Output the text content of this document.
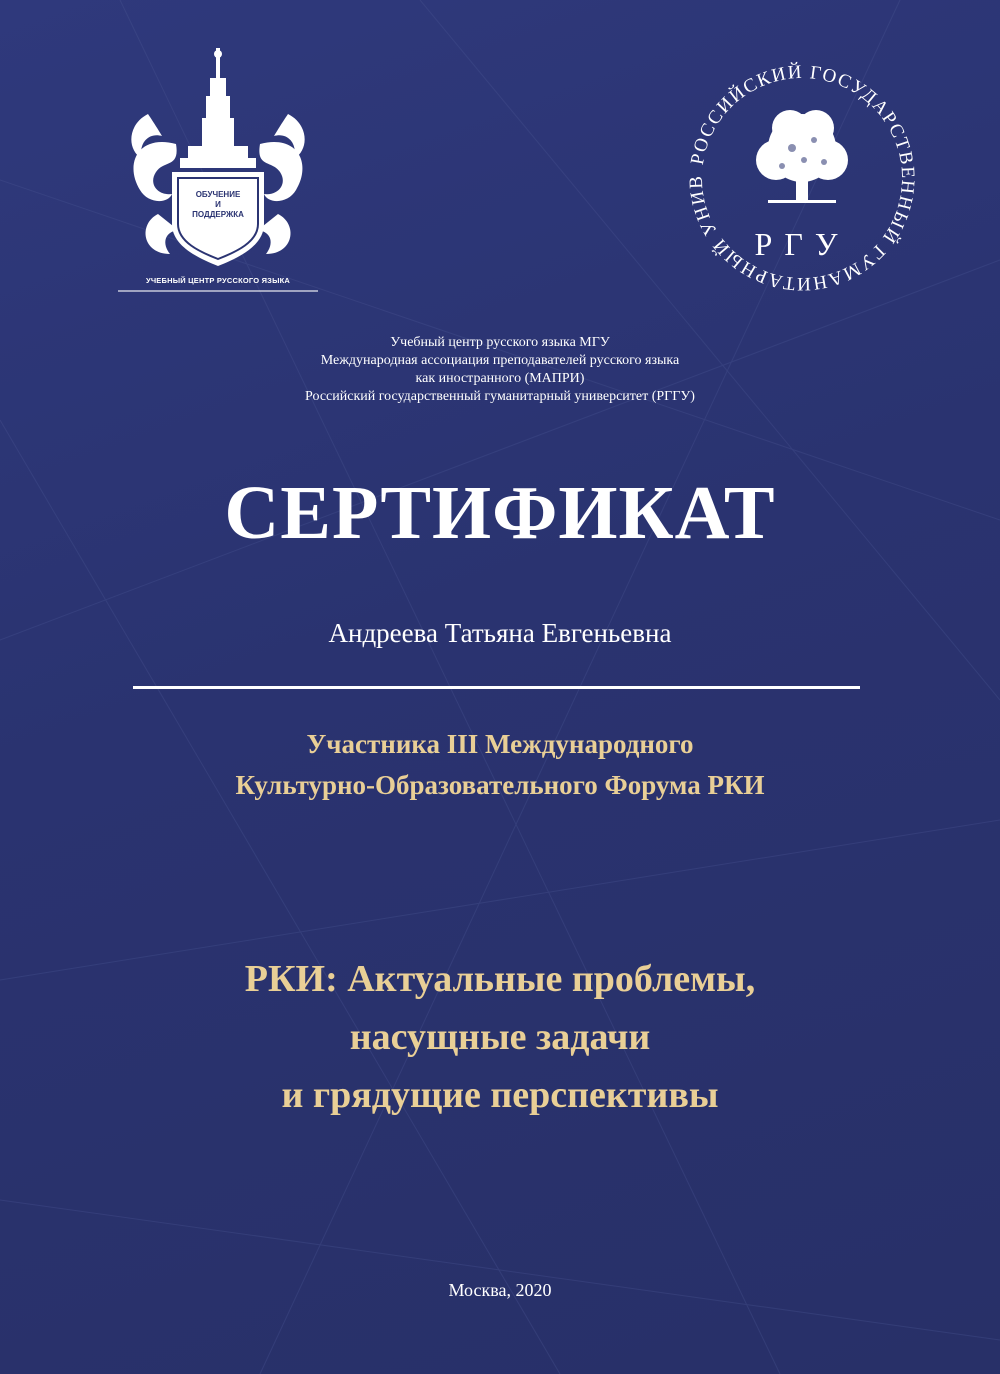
ОБУЧЕНИЕ
И
ПОДДЕРЖКА
УЧЕБНЫЙ ЦЕНТР РУССКОГО ЯЗЫКА
РОССИЙСКИЙ ГОСУДАРСТВЕННЫЙ ГУМАНИТАРНЫЙ УНИВ
РГУ
Учебный центр русского языка МГУ
Международная ассоциация преподавателей русского языка
как иностранного (МАПРИ)
Российский государственный гуманитарный университет (РГГУ)
СЕРТИФИКАТ
Андреева Татьяна Евгеньевна
Участника III Международного
Культурно-Образовательного Форума РКИ
РКИ: Актуальные проблемы,
насущные задачи
и грядущие перспективы
Москва, 2020
